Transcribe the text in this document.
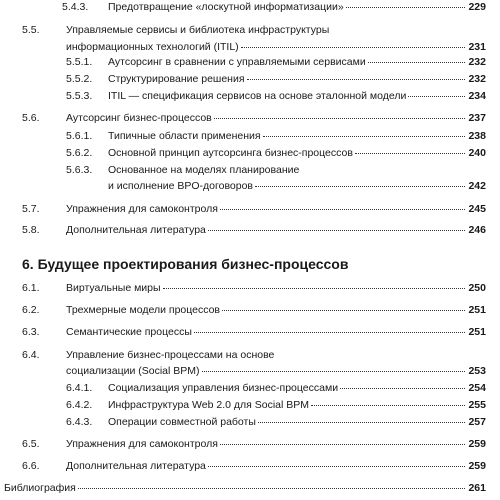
5.4.3.	Предотвращение «лоскутной информатизации»	229
5.5.	Управляемые сервисы и библиотека инфраструктуры
информационных технологий (ITIL)	231
5.5.1.	Аутсорсинг в сравнении с управляемыми сервисами	232
5.5.2.	Структурирование решения	232
5.5.3.	ITIL — спецификация сервисов на основе эталонной модели	234
5.6.	Аутсорсинг бизнес-процессов	237
5.6.1.	Типичные области применения	238
5.6.2.	Основной принцип аутсорсинга бизнес-процессов	240
5.6.3. Основанное на моделях планирование
и исполнение BPO-договоров	242
5.7.	Упражнения для самоконтроля	245
5.8.	Дополнительная литература	246
6. Будущее проектирования бизнес-процессов
6.1.	Виртуальные миры	250
6.2.	Трехмерные модели процессов	251
6.3.	Семантические процессы	251
6.4.	Управление бизнес-процессами на основе
социализации (Social BPM)	253
6.4.1.	Социализация управления бизнес-процессами	254
6.4.2.	Инфраструктура Web 2.0 для Social BPM	255
6.4.3.	Операции совместной работы	257
6.5.	Упражнения для самоконтроля	259
6.6.	Дополнительная литература	259
Библиография	261
